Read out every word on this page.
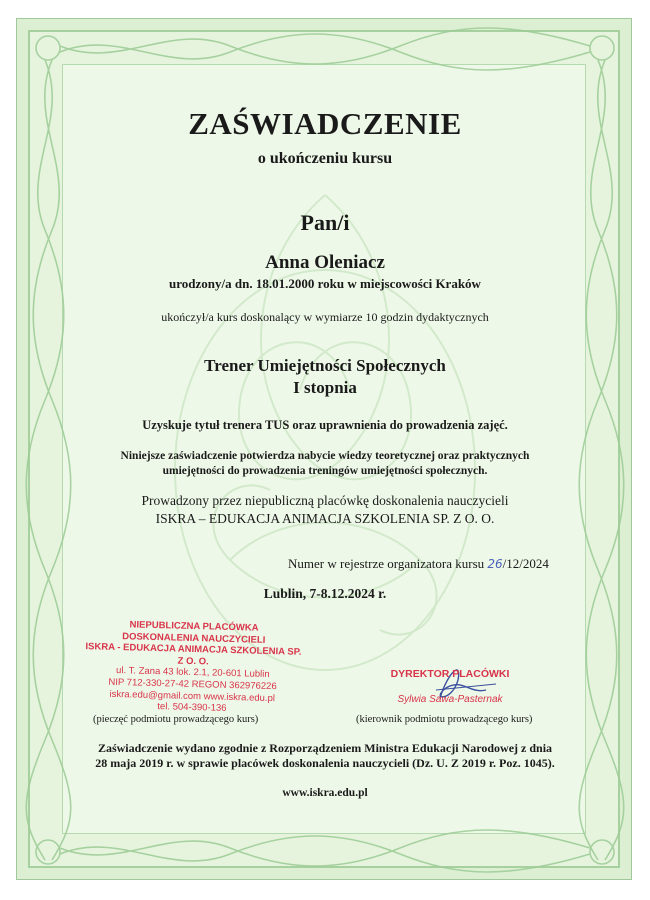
ZAŚWIADCZENIE
o ukończeniu kursu
Pan/i
Anna Oleniacz
urodzony/a dn. 18.01.2000 roku w miejscowości Kraków
ukończył/a kurs doskonalący w wymiarze 10 godzin dydaktycznych
Trener Umiejętności Społecznych
I stopnia
Uzyskuje tytuł trenera TUS oraz uprawnienia do prowadzenia zajęć.
Niniejsze zaświadczenie potwierdza nabycie wiedzy teoretycznej oraz praktycznych
umiejętności do prowadzenia treningów umiejętności społecznych.
Prowadzony przez niepubliczną placówkę doskonalenia nauczycieli
ISKRA – EDUKACJA ANIMACJA SZKOLENIA SP. Z O. O.
Numer w rejestrze organizatora kursu 26/12/2024
Lublin, 7-8.12.2024 r.
NIEPUBLICZNA PLACÓWKA
DOSKONALENIA NAUCZYCIELI
ISKRA - EDUKACJA ANIMACJA SZKOLENIA SP. Z O. O.
ul. T. Zana 43 lok. 2.1, 20-601 Lublin
NIP 712-330-27-42 REGON 362976226
iskra.edu@gmail.com www.iskra.edu.pl
tel. 504-390-136
DYREKTOR PLACÓWKI
Sylwia Sawa-Pasternak
(pieczęć podmiotu prowadzącego kurs)	(kierownik podmiotu prowadzącego kurs)
Zaświadczenie wydano zgodnie z Rozporządzeniem Ministra Edukacji Narodowej z dnia
28 maja 2019 r. w sprawie placówek doskonalenia nauczycieli (Dz. U. Z 2019 r. Poz. 1045).
www.iskra.edu.pl
